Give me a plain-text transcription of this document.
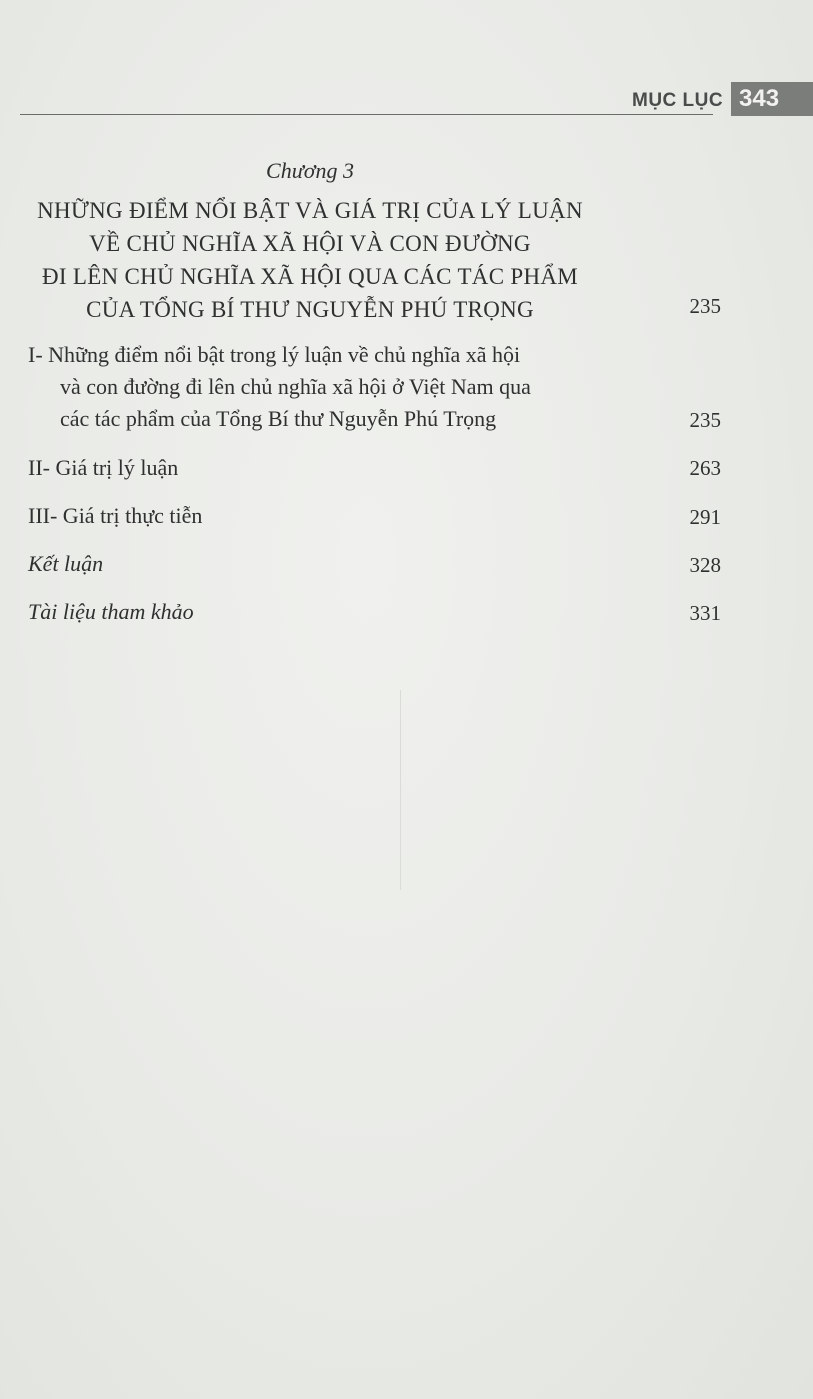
MỤC LỤC 343
Chương 3
NHỮNG ĐIỂM NỔI BẬT VÀ GIÁ TRỊ CỦA LÝ LUẬN
VỀ CHỦ NGHĨA XÃ HỘI VÀ CON ĐƯỜNG
ĐI LÊN CHỦ NGHĨA XÃ HỘI QUA CÁC TÁC PHẨM
CỦA TỔNG BÍ THƯ NGUYỄN PHÚ TRỌNG	235
I- Những điểm nổi bật trong lý luận về chủ nghĩa xã hội
và con đường đi lên chủ nghĩa xã hội ở Việt Nam qua
các tác phẩm của Tổng Bí thư Nguyễn Phú Trọng	235
II- Giá trị lý luận	263
III- Giá trị thực tiễn	291
Kết luận	328
Tài liệu tham khảo	331
